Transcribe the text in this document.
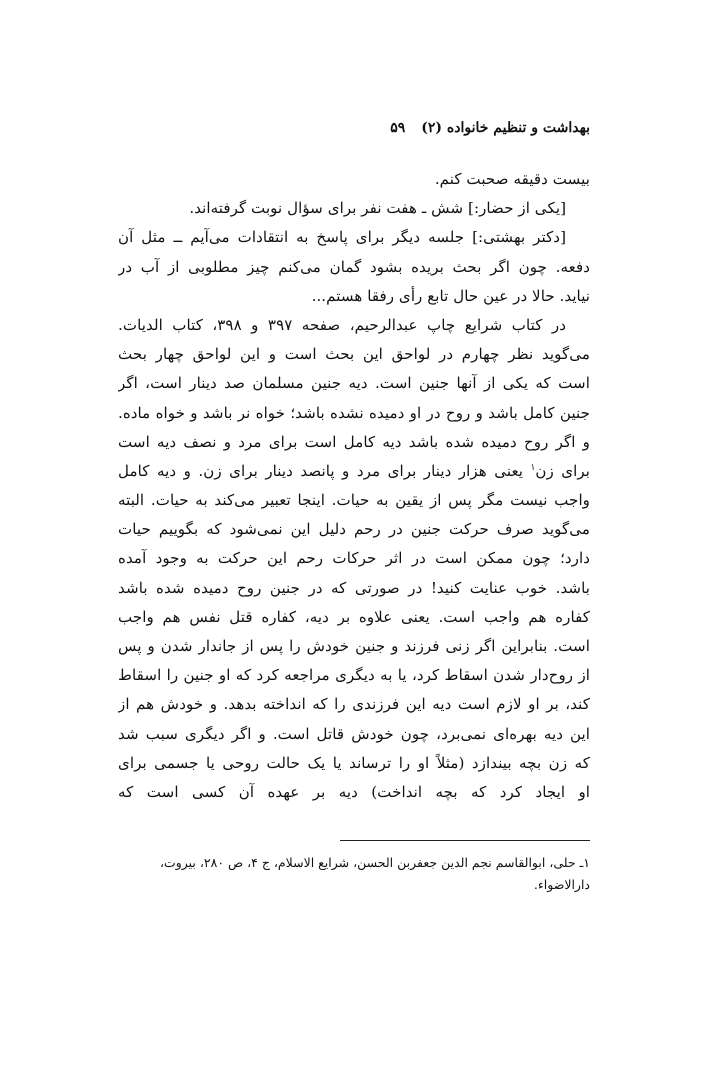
بهداشت و تنظیم خانواده (۲)
۵۹
بیست دقیقه صحبت کنم.
[یکی از حضار:] شش ـ هفت نفر برای سؤال نوبت گرفته‌اند.
[دکتر بهشتی:] جلسه دیگر برای پاسخ به انتقادات می‌آیم ــ مثل آن
دفعه. چون اگر بحث بریده بشود گمان می‌کنم چیز مطلوبی از آب در
نیاید. حالا در عین حال تابع رأی رفقا هستم...
در کتاب شرایع چاپ عبدالرحیم، صفحه ۳۹۷ و ۳۹۸، کتاب الدیات.
می‌گوید نظر چهارم در لواحق این بحث است و این لواحق چهار بحث
است که یکی از آنها جنین است. دیه جنین مسلمان صد دینار است، اگر
جنین کامل باشد و روح در او دمیده نشده باشد؛ خواه نر باشد و خواه ماده.
و اگر روح دمیده شده باشد دیه کامل است برای مرد و نصف دیه است
برای زن$^۱$ یعنی هزار دینار برای مرد و پانصد دینار برای زن. و دیه کامل
واجب نیست مگر پس از یقین به حیات. اینجا تعبیر می‌کند به حیات. البته
می‌گوید صرف حرکت جنین در رحم دلیل این نمی‌شود که بگوییم حیات
دارد؛ چون ممکن است در اثر حرکات رحم این حرکت به وجود آمده
باشد. خوب عنایت کنید! در صورتی که در جنین روح دمیده شده باشد
کفاره هم واجب است. یعنی علاوه بر دیه، کفاره قتل نفس هم واجب
است. بنابراین اگر زنی فرزند و جنین خودش را پس از جاندار شدن و پس
از روح‌دار شدن اسقاط کرد، یا به دیگری مراجعه کرد که او جنین را اسقاط
کند، بر او لازم است دیه این فرزندی را که انداخته بدهد. و خودش هم از
این دیه بهره‌ای نمی‌برد، چون خودش قاتل است. و اگر دیگری سبب شد
که زن بچه بیندازد (مثلاً او را ترساند یا یک حالت روحی یا جسمی برای
او ایجاد کرد که بچه انداخت) دیه بر عهده آن کسی است که
۱ـ حلی، ابوالقاسم نجم الدین جعفربن الحسن، شرایع الاسلام، ج ۴، ص ۲۸۰، بیروت،
دارالاضواء.
